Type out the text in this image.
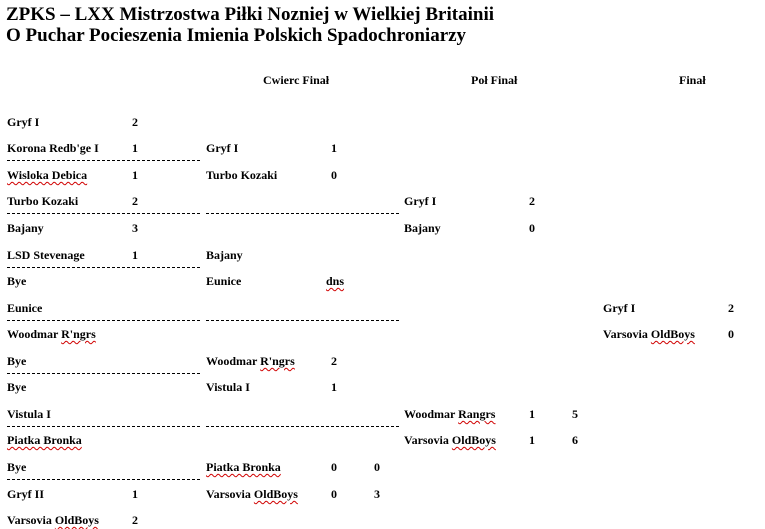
ZPKS – LXX Mistrzostwa Piłki Nozniej w Wielkiej Britainii
O Puchar Pocieszenia Imienia Polskich Spadochroniarzy
Cwierc Finał	Poł Finał	Finał
Gryf I	2
Korona Redb'ge I	1
Wisloka Debica	1
Turbo Kozaki	2
Bajany	3
LSD Stevenage	1
Bye
Eunice
Woodmar R'ngrs
Bye
Bye
Vistula I
Piatka Bronka
Bye
Gryf II	1
Varsovia OldBoys	2
Gryf I	1
Turbo Kozaki	0
Bajany
Eunice	dns
Woodmar R'ngrs	2
Vistula I	1
Piatka Bronka	0	0
Varsovia OldBoys	0	3
Gryf I	2
Bajany	0
Woodmar Rangrs	1	5
Varsovia OldBoys	1	6
Gryf I	2
Varsovia OldBoys	0
